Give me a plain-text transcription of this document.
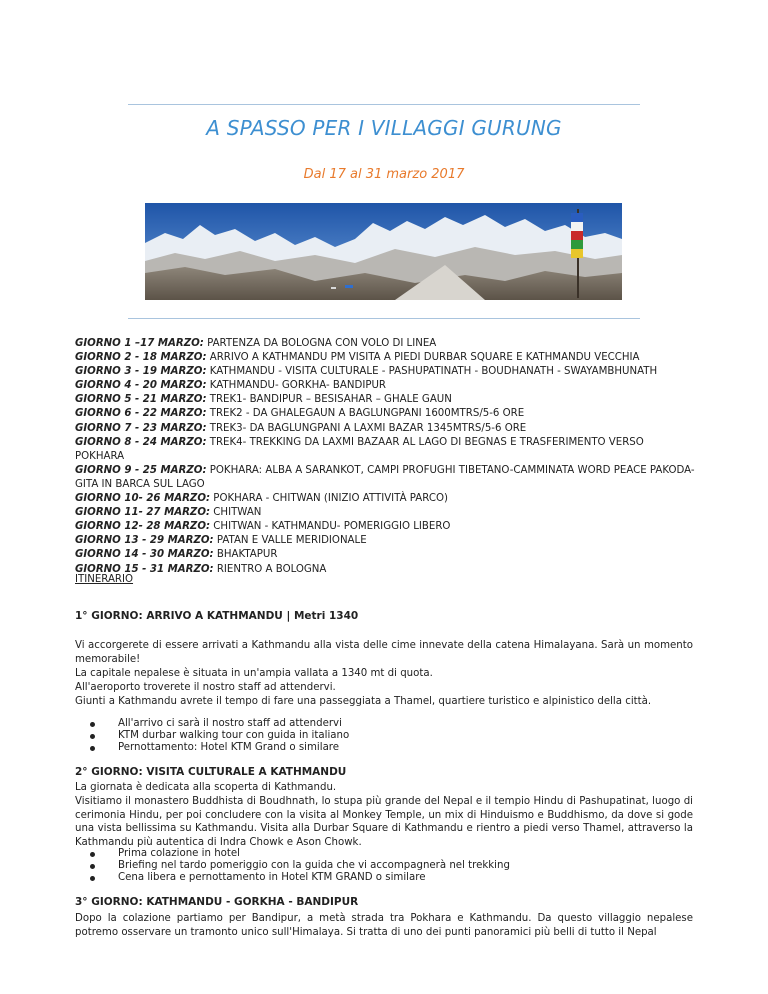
A SPASSO PER I VILLAGGI GURUNG
Dal 17 al 31 marzo 2017
GIORNO 1 –17 MARZO: PARTENZA DA BOLOGNA CON VOLO DI LINEA
GIORNO 2 - 18 MARZO: ARRIVO A KATHMANDU PM VISITA A PIEDI DURBAR SQUARE E KATHMANDU VECCHIA
GIORNO 3 - 19 MARZO: KATHMANDU - VISITA CULTURALE - PASHUPATINATH - BOUDHANATH - SWAYAMBHUNATH
GIORNO 4 - 20 MARZO: KATHMANDU- GORKHA- BANDIPUR
GIORNO 5 - 21 MARZO: TREK1- BANDIPUR – BESISAHAR – GHALE GAUN
GIORNO 6 - 22 MARZO: TREK2 - DA GHALEGAUN A BAGLUNGPANI 1600MTRS/5-6 ORE
GIORNO 7 - 23 MARZO: TREK3- DA BAGLUNGPANI A LAXMI BAZAR 1345MTRS/5-6 ORE
GIORNO 8 - 24 MARZO: TREK4- TREKKING DA LAXMI BAZAAR AL LAGO DI BEGNAS E TRASFERIMENTO VERSO POKHARA
GIORNO 9 - 25 MARZO: POKHARA: ALBA A SARANKOT, CAMPI PROFUGHI TIBETANO-CAMMINATA WORD PEACE PAKODA- GITA IN BARCA SUL LAGO
GIORNO 10- 26 MARZO: POKHARA - CHITWAN (INIZIO ATTIVITÀ PARCO)
GIORNO 11- 27 MARZO: CHITWAN
GIORNO 12- 28 MARZO: CHITWAN - KATHMANDU- POMERIGGIO LIBERO
GIORNO 13 - 29 MARZO: PATAN E VALLE MERIDIONALE
GIORNO 14 - 30 MARZO: BHAKTAPUR
GIORNO 15 - 31 MARZO: RIENTRO A BOLOGNA
ITINERARIO
1° GIORNO: ARRIVO A KATHMANDU | Metri 1340
Vi accorgerete di essere arrivati a Kathmandu alla vista delle cime innevate della catena Himalayana. Sarà un momento memorabile!
La capitale nepalese è situata in un'ampia vallata a 1340 mt di quota.
All'aeroporto troverete il nostro staff ad attendervi.
Giunti a Kathmandu avrete il tempo di fare una passeggiata a Thamel, quartiere turistico e alpinistico della città.
All'arrivo ci sarà il nostro staff ad attendervi
KTM durbar walking tour con guida in italiano
Pernottamento: Hotel KTM Grand o similare
2° GIORNO: VISITA CULTURALE A KATHMANDU
La giornata è dedicata alla scoperta di Kathmandu.
Visitiamo il monastero Buddhista di Boudhnath, lo stupa più grande del Nepal e il tempio Hindu di Pashupatinat, luogo di cerimonia Hindu, per poi concludere con la visita al Monkey Temple, un mix di Hinduismo e Buddhismo, da dove si gode una vista bellissima su Kathmandu. Visita alla Durbar Square di Kathmandu e rientro a piedi verso Thamel, attraverso la Kathmandu più autentica di Indra Chowk e Ason Chowk.
Prima colazione in hotel
Briefing nel tardo pomeriggio con la guida che vi accompagnerà nel trekking
Cena libera e pernottamento in Hotel KTM GRAND o similare
3° GIORNO: KATHMANDU - GORKHA - BANDIPUR
Dopo la colazione partiamo per Bandipur, a metà strada tra Pokhara e Kathmandu. Da questo villaggio nepalese potremo osservare un tramonto unico sull'Himalaya. Si tratta di uno dei punti panoramici più belli di tutto il Nepal
